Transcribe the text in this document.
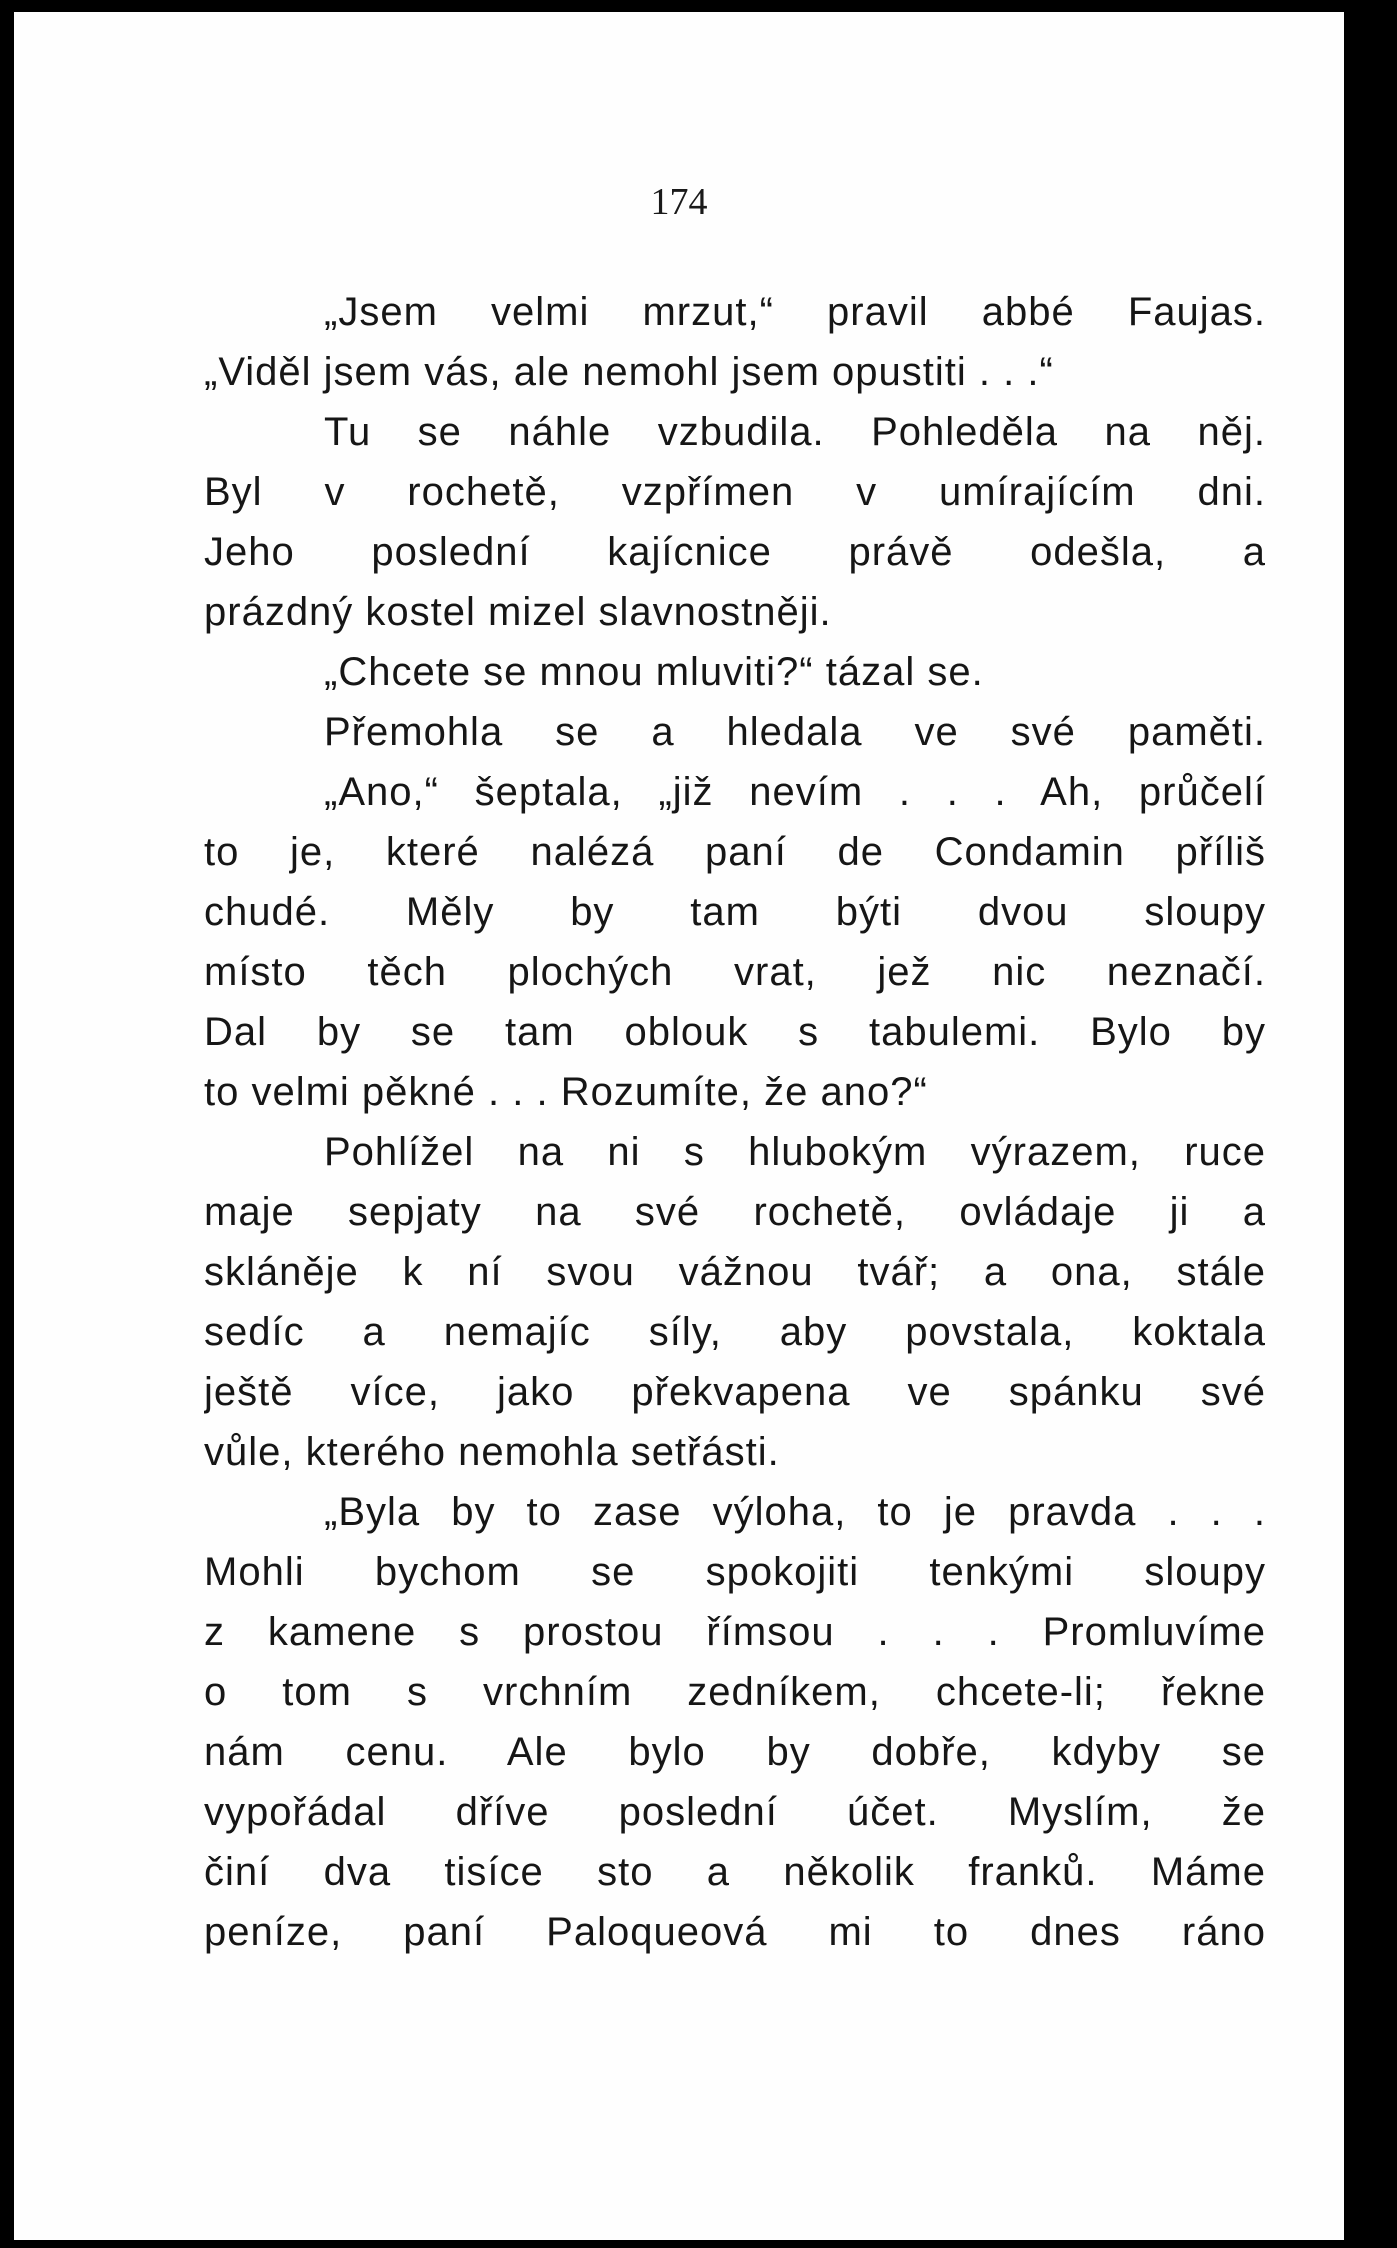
174

„Jsem velmi mrzut,“ pravil abbé Faujas.
„Viděl jsem vás, ale nemohl jsem opustiti . . .“
Tu se náhle vzbudila. Pohleděla na něj.
Byl v rochetě, vzpřímen v umírajícím dni.
Jeho poslední kajícnice právě odešla, a
prázdný kostel mizel slavnostněji.
„Chcete se mnou mluviti?“ tázal se.
Přemohla se a hledala ve své paměti.
„Ano,“ šeptala, „již nevím . . . Ah, průčelí
to je, které nalézá paní de Condamin příliš
chudé. Měly by tam býti dvou sloupy
místo těch plochých vrat, jež nic neznačí.
Dal by se tam oblouk s tabulemi. Bylo by
to velmi pěkné . . . Rozumíte, že ano?“
Pohlížel na ni s hlubokým výrazem, ruce
maje sepjaty na své rochetě, ovládaje ji a
skláněje k ní svou vážnou tvář; a ona, stále
sedíc a nemajíc síly, aby povstala, koktala
ještě více, jako překvapena ve spánku své
vůle, kterého nemohla setřásti.
„Byla by to zase výloha, to je pravda . . .
Mohli bychom se spokojiti tenkými sloupy
z kamene s prostou římsou . . . Promluvíme
o tom s vrchním zedníkem, chcete-li; řekne
nám cenu. Ale bylo by dobře, kdyby se
vypořádal dříve poslední účet. Myslím, že
činí dva tisíce sto a několik franků. Máme
peníze, paní Paloqueová mi to dnes ráno
